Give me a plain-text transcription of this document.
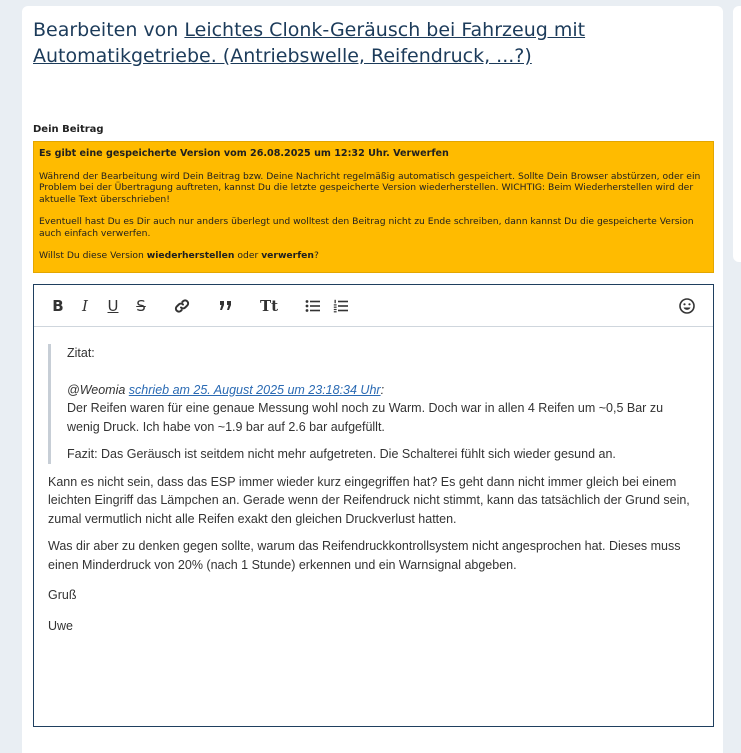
Bearbeiten von Leichtes Clonk-Geräusch bei Fahrzeug mit Automatikgetriebe. (Antriebswelle, Reifendruck, ...?)
Dein Beitrag
Es gibt eine gespeicherte Version vom 26.08.2025 um 12:32 Uhr. Verwerfen

Während der Bearbeitung wird Dein Beitrag bzw. Deine Nachricht regelmäßig automatisch gespeichert. Sollte Dein Browser abstürzen, oder ein Problem bei der Übertragung auftreten, kannst Du die letzte gespeicherte Version wiederherstellen. WICHTIG: Beim Wiederherstellen wird der aktuelle Text überschrieben!

Eventuell hast Du es Dir auch nur anders überlegt und wolltest den Beitrag nicht zu Ende schreiben, dann kannst Du die gespeicherte Version auch einfach verwerfen.

Willst Du diese Version wiederherstellen oder verwerfen?

B	I	U S	Tt
Zitat:
@Weomia schrieb am 25. August 2025 um 23:18:34 Uhr:

Der Reifen waren für eine genaue Messung wohl noch zu Warm. Doch war in allen 4 Reifen um ~0,5 Bar zu wenig Druck. Ich habe von ~1.9 bar auf 2.6 bar aufgefüllt.

Fazit: Das Geräusch ist seitdem nicht mehr aufgetreten. Die Schalterei fühlt sich wieder gesund an.

Kann es nicht sein, dass das ESP immer wieder kurz eingegriffen hat? Es geht dann nicht immer gleich bei einem leichten Eingriff das Lämpchen an. Gerade wenn der Reifendruck nicht stimmt, kann das tatsächlich der Grund sein, zumal vermutlich nicht alle Reifen exakt den gleichen Druckverlust hatten.

Was dir aber zu denken gegen sollte, warum das Reifendruckkontrollsystem nicht angesprochen hat. Dieses muss einen Minderdruck von 20% (nach 1 Stunde) erkennen und ein Warnsignal abgeben.

Gruß

Uwe
